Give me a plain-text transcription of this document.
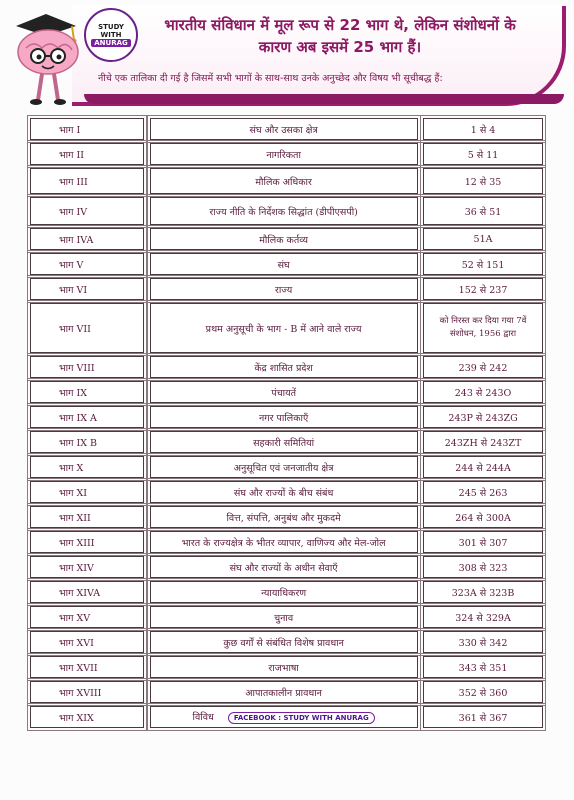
STUDY
WITH
ANURAG
भारतीय संविधान में मूल रूप से 22 भाग थे, लेकिन संशोधनों के
कारण अब इसमें 25 भाग हैं।
नीचे एक तालिका दी गई है जिसमें सभी भागों के साथ-साथ उनके अनुच्छेद और विषय भी सूचीबद्ध हैं:
भाग I		संघ और उसका क्षेत्र		1 से 4
भाग II		नागरिकता		5 से 11
भाग III		मौलिक अधिकार		12 से 35
भाग IV		राज्य नीति के निर्देशक सिद्धांत (डीपीएसपी)		36 से 51
भाग IVA		मौलिक कर्तव्य		51A
भाग V		संघ		52 से 151
भाग VI		राज्य		152 से 237
भाग VII		प्रथम अनुसूची के भाग - B में आने वाले राज्य		को निरस्त कर दिया गया 7वें संशोधन, 1956 द्वारा
भाग VIII		केंद्र शासित प्रदेश		239 से 242
भाग IX		पंचायतें		243 से 243O
भाग IX A		नगर पालिकाएँ		243P से 243ZG
भाग IX B		सहकारी समितियां		243ZH से 243ZT
भाग X		अनुसूचित एवं जनजातीय क्षेत्र		244 से 244A
भाग XI		संघ और राज्यों के बीच संबंध		245 से 263
भाग XII		वित्त, संपत्ति, अनुबंध और मुकदमे		264 से 300A
भाग XIII		भारत के राज्यक्षेत्र के भीतर व्यापार, वाणिज्य और मेल-जोल		301 से 307
भाग XIV		संघ और राज्यों के अधीन सेवाएँ		308 से 323
भाग XIVA		न्यायाधिकरण		323A से 323B
भाग XV		चुनाव		324 से 329A
भाग XVI		कुछ वर्गों से संबंधित विशेष प्रावधान		330 से 342
भाग XVII		राजभाषा		343 से 351
भाग XVIII		आपातकालीन प्रावधान		352 से 360
भाग XIX		विविध FACEBOOK : STUDY WITH ANURAG		361 से 367
